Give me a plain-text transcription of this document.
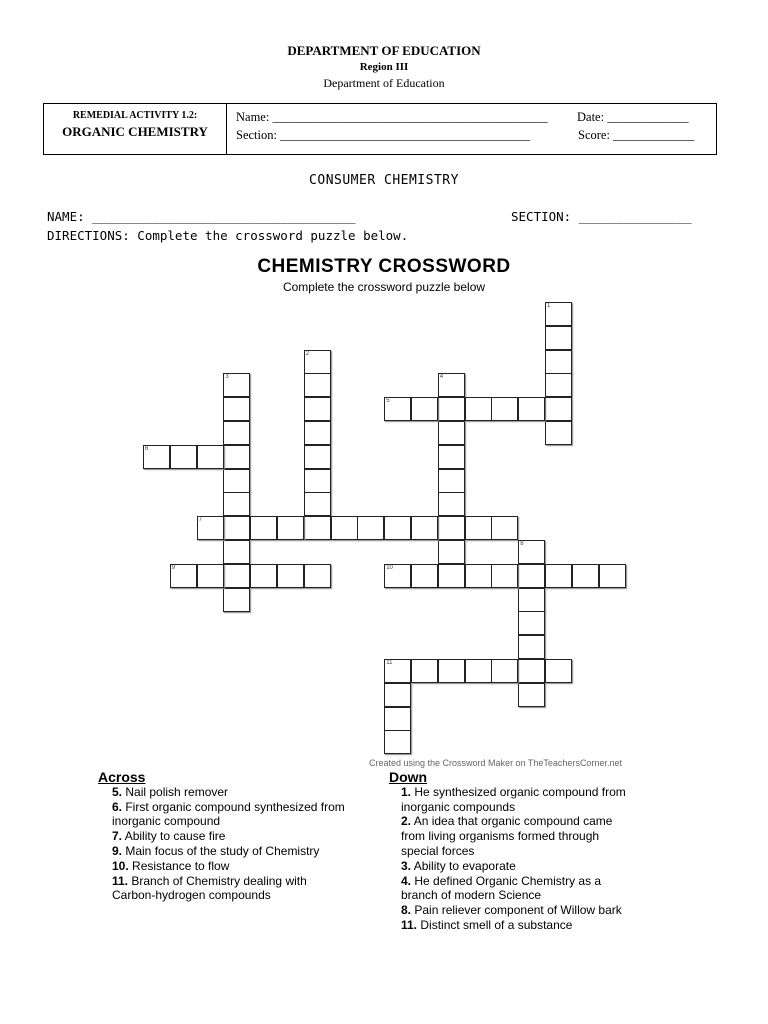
DEPARTMENT OF EDUCATION
Region III
Department of Education
REMEDIAL ACTIVITY 1.2:
ORGANIC CHEMISTRY
Name: ____________________________________________ Date: _____________
Section: ________________________________________	Score: _____________
CONSUMER CHEMISTRY
NAME: ___________________________________	SECTION: _______________
DIRECTIONS: Complete the crossword puzzle below.
CHEMISTRY CROSSWORD
Complete the crossword puzzle below
1
2
3	4
5
6
7
8
9	10
11
Created using the Crossword Maker on TheTeachersCorner.net
Across
5. Nail polish remover
6. First organic compound synthesized from
inorganic compound
7. Ability to cause fire
9. Main focus of the study of Chemistry
10. Resistance to flow
11. Branch of Chemistry dealing with
Carbon-hydrogen compounds
Down
1. He synthesized organic compound from
inorganic compounds
2. An idea that organic compound came
from living organisms formed through
special forces
3. Ability to evaporate
4. He defined Organic Chemistry as a
branch of modern Science
8. Pain reliever component of Willow bark
11. Distinct smell of a substance
